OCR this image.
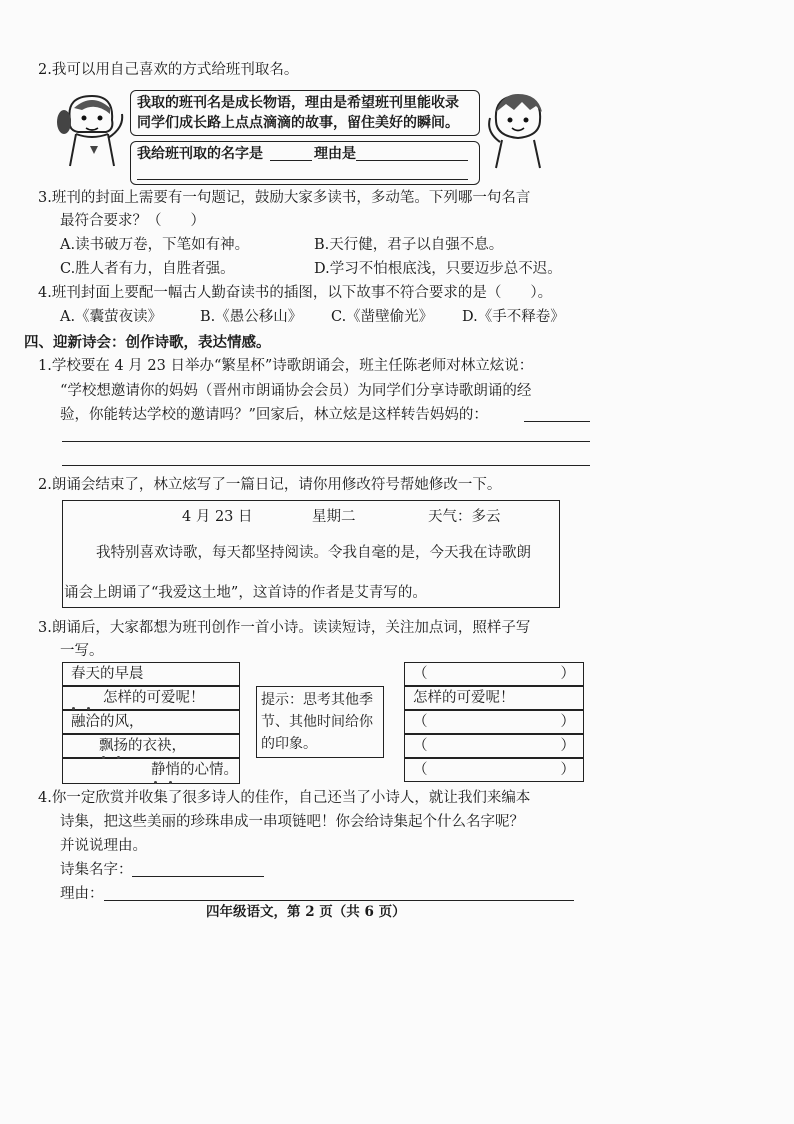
2.我可以用自己喜欢的方式给班刊取名。
我取的班刊名是成长物语，理由是希望班刊里能收录
同学们成长路上点点滴滴的故事，留住美好的瞬间。
我给班刊取的名字是	理由是
3.班刊的封面上需要有一句题记，鼓励大家多读书，多动笔。下列哪一句名言
最符合要求？（　　）
A.读书破万卷，下笔如有神。	B.天行健，君子以自强不息。
C.胜人者有力，自胜者强。	D.学习不怕根底浅，只要迈步总不迟。
4.班刊封面上要配一幅古人勤奋读书的插图，以下故事不符合要求的是（　　）。
A.《囊萤夜读》	B.《愚公移山》 C.《凿壁偷光》 D.《手不释卷》
四、迎新诗会：创作诗歌，表达情感。
1.学校要在 4 月 23 日举办“繁星杯”诗歌朗诵会，班主任陈老师对林立炫说：
“学校想邀请你的妈妈（晋州市朗诵协会会员）为同学们分享诗歌朗诵的经
验，你能转达学校的邀请吗？”回家后，林立炫是这样转告妈妈的：
2.朗诵会结束了，林立炫写了一篇日记，请你用修改符号帮她修改一下。
4 月 23 日	星期二	天气：多云
我特别喜欢诗歌，每天都坚持阅读。令我自毫的是，今天我在诗歌朗
诵会上朗诵了“我爱这土地”，这首诗的作者是艾青写的。
3.朗诵后，大家都想为班刊创作一首小诗。读读短诗，关注加点词，照样子写
一写。
春天的早晨
怎样的可爱呢！
融洽的风，
飘扬的衣袂，
静悄的心情。
提示：思考其他季节、其他时间给你的印象。
（	）
怎样的可爱呢！
（	）
（	）
（	）
4.你一定欣赏并收集了很多诗人的佳作，自己还当了小诗人，就让我们来编本
诗集，把这些美丽的珍珠串成一串项链吧！你会给诗集起个什么名字呢？
并说说理由。
诗集名字：
理由：
四年级语文，第 2 页（共 6 页）
